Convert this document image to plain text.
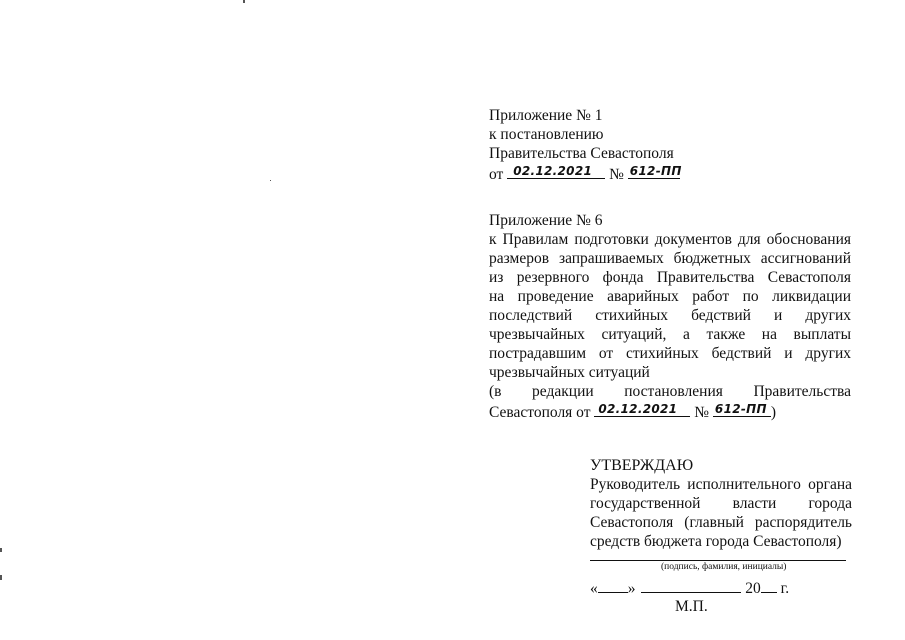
Приложение № 1
к постановлению
Правительства Севастополя
от 02.12.2021 № 612-ПП
Приложение № 6
к Правилам подготовки документов для обоснования
размеров запрашиваемых бюджетных ассигнований
из резервного фонда Правительства Севастополя
на проведение аварийных работ по ликвидации
последствий стихийных бедствий и других
чрезвычайных ситуаций, а также на выплаты
пострадавшим от стихийных бедствий и других
чрезвычайных ситуаций
(в редакции постановления Правительства
Севастополя от 02.12.2021 № 612-ПП )
УТВЕРЖДАЮ
Руководитель исполнительного органа
государственной власти города
Севастополя (главный распорядитель
средств бюджета города Севастополя)
(подпись, фамилия, инициалы)
« »	20 г.
М.П.
